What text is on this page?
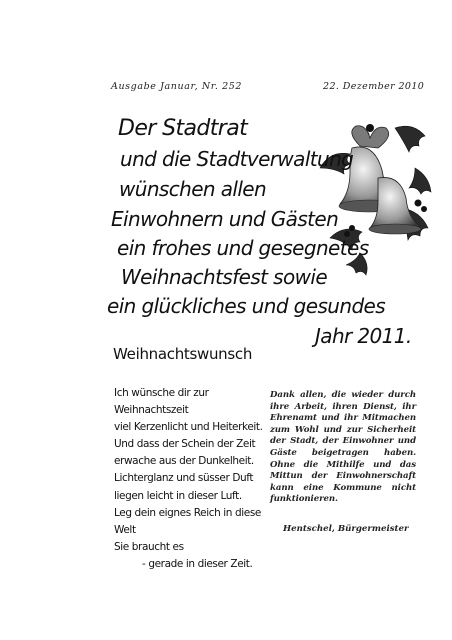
Ausgabe Januar, Nr. 252	22. Dezember 2010
Der Stadtrat
und die Stadtverwaltung
wünschen allen
Einwohnern und Gästen
ein frohes und gesegnetes
Weihnachtsfest sowie
ein glückliches und gesundes
Jahr 2011.
Weihnachtswunsch
Ich wünsche dir zur
Weihnachtszeit
viel Kerzenlicht und Heiterkeit.
Und dass der Schein der Zeit
erwache aus der Dunkelheit.
Lichterglanz und süsser Duft
liegen leicht in dieser Luft.
Leg dein eignes Reich in diese
Welt
Sie braucht es
- gerade in dieser Zeit.
Dank allen, die wieder durch ihre Arbeit, ihren Dienst, ihr Ehrenamt und ihr Mitmachen zum Wohl und zur Sicherheit der Stadt, der Einwohner und Gäste beigetragen haben. Ohne die Mithilfe und das Mittun der Einwohnerschaft kann eine Kommune nicht funktionieren.
Hentschel, Bürgermeister
